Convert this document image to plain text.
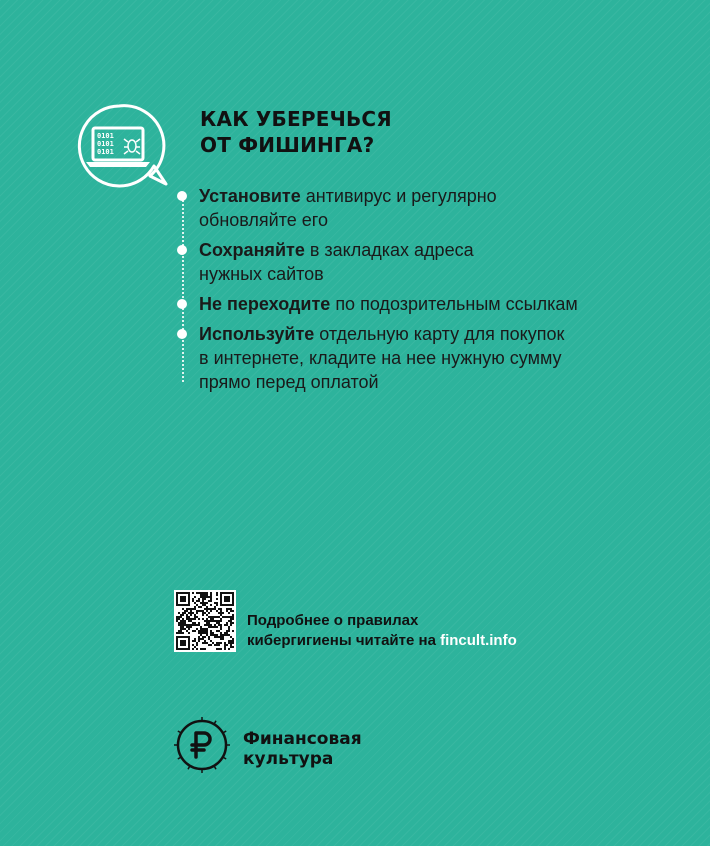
0101
0101
0101
КАК УБЕРЕЧЬСЯ
ОТ ФИШИНГА?
Установите антивирус и регулярно
обновляйте его
Сохраняйте в закладках адреса
нужных сайтов
Не переходите по подозрительным ссылкам
Используйте отдельную карту для покупок
в интернете, кладите на нее нужную сумму
прямо перед оплатой
Подробнее о правилах
кибергигиены читайте на fincult.info
Финансовая
культура
